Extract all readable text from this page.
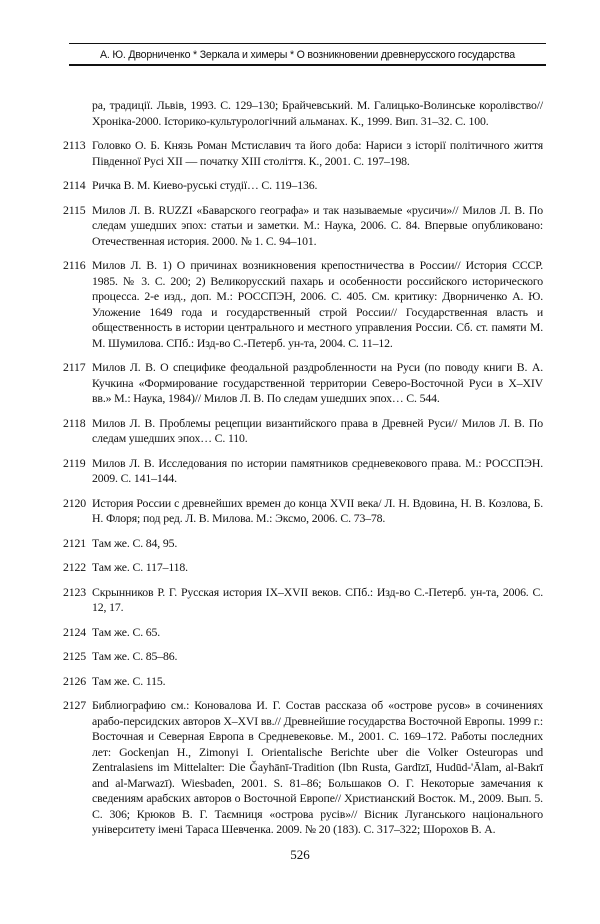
А. Ю. Дворниченко * Зеркала и химеры * О возникновении древнерусского государства
ра, традиції. Львів, 1993. С. 129–130; Брайчевський. М. Галицько-Волинське королівство// Хроніка-2000. Історико-культурологічний альманах. К., 1999. Вип. 31–32. С. 100.
2113 Головко О. Б. Князь Роман Мстиславич та його доба: Нариси з історії політичного життя Південної Русі XII — початку XIII століття. К., 2001. С. 197–198.
2114 Ричка В. М. Киево-руські студії… С. 119–136.
2115 Милов Л. В. RUZZI «Баварского географа» и так называемые «русичи»// Милов Л. В. По следам ушедших эпох: статьи и заметки. М.: Наука, 2006. С. 84. Впервые опубликовано: Отечественная история. 2000. № 1. С. 94–101.
2116 Милов Л. В. 1) О причинах возникновения крепостничества в России// История СССР. 1985. № 3. С. 200; 2) Великорусский пахарь и особенности российского исторического процесса. 2-е изд., доп. М.: РОССПЭН, 2006. С. 405. См. критику: Дворниченко А. Ю. Уложение 1649 года и государственный строй России// Государственная власть и общественность в истории центрального и местного управления России. Сб. ст. памяти М. М. Шумилова. СПб.: Изд-во С.-Петерб. ун-та, 2004. С. 11–12.
2117 Милов Л. В. О специфике феодальной раздробленности на Руси (по поводу книги В. А. Кучкина «Формирование государственной территории Северо-Восточной Руси в X–XIV вв.» М.: Наука, 1984)// Милов Л. В. По следам ушедших эпох… С. 544.
2118 Милов Л. В. Проблемы рецепции византийского права в Древней Руси// Милов Л. В. По следам ушедших эпох… С. 110.
2119 Милов Л. В. Исследования по истории памятников средневекового права. М.: РОССПЭН. 2009. С. 141–144.
2120 История России с древнейших времен до конца XVII века/ Л. Н. Вдовина, Н. В. Козлова, Б. Н. Флоря; под ред. Л. В. Милова. М.: Эксмо, 2006. С. 73–78.
2121 Там же. С. 84, 95.
2122 Там же. С. 117–118.
2123 Скрынников Р. Г. Русская история IX–XVII веков. СПб.: Изд-во С.-Петерб. ун-та, 2006. С. 12, 17.
2124 Там же. С. 65.
2125 Там же. С. 85–86.
2126 Там же. С. 115.
2127 Библиографию см.: Коновалова И. Г. Состав рассказа об «острове русов» в сочинениях арабо-персидских авторов X–XVI вв.// Древнейшие государства Восточной Европы. 1999 г.: Восточная и Северная Европа в Средневековье. М., 2001. С. 169–172. Работы последних лет: Gockenjan H., Zimonyi I. Orientalische Berichte uber die Volker Osteuropas und Zentralasiens im Mittelalter: Die Ǧayhānī-Tradition (Ibn Rusta, Gardīzī, Hudūd-'Ālam, al-Bakrī and al-Marwazī). Wiesbaden, 2001. S. 81–86; Большаков О. Г. Некоторые замечания к сведениям арабских авторов о Восточной Европе// Христианский Восток. М., 2009. Вып. 5. С. 306; Крюков В. Г. Таємниця «острова русів»// Вісник Луганського національного університету імені Тараса Шевченка. 2009. № 20 (183). С. 317–322; Шорохов В. А.
526
